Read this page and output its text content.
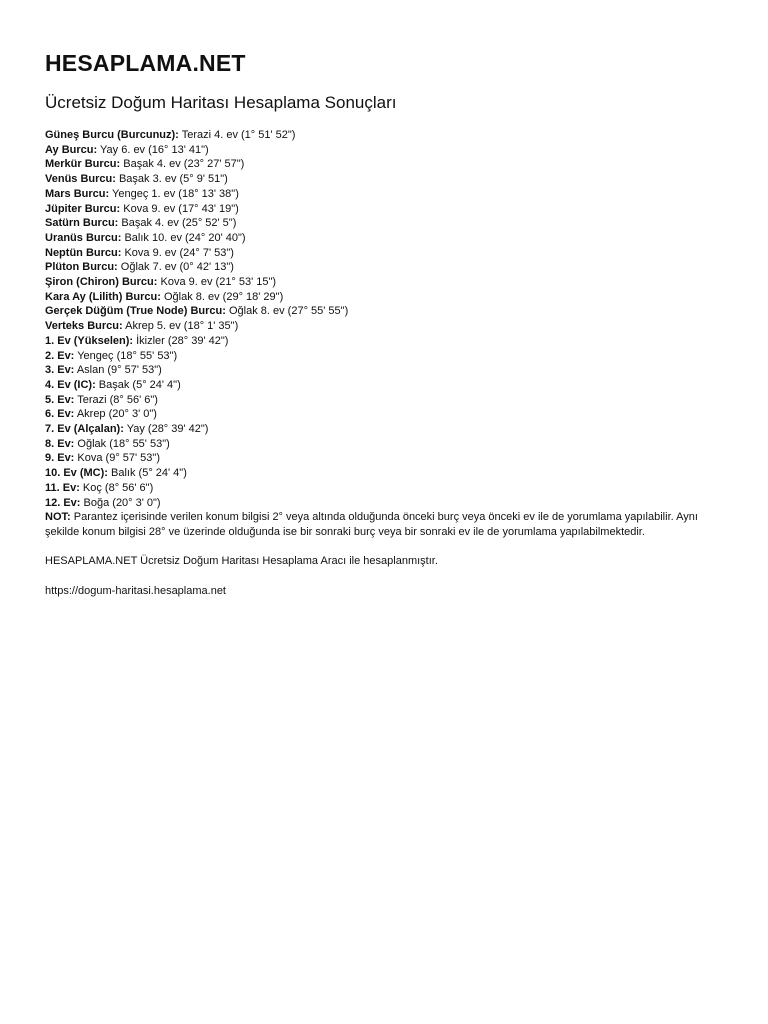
HESAPLAMA.NET
Ücretsiz Doğum Haritası Hesaplama Sonuçları
Güneş Burcu (Burcunuz): Terazi 4. ev (1° 51' 52")
Ay Burcu: Yay 6. ev (16° 13' 41")
Merkür Burcu: Başak 4. ev (23° 27' 57")
Venüs Burcu: Başak 3. ev (5° 9' 51")
Mars Burcu: Yengeç 1. ev (18° 13' 38")
Jüpiter Burcu: Kova 9. ev (17° 43' 19")
Satürn Burcu: Başak 4. ev (25° 52' 5")
Uranüs Burcu: Balık 10. ev (24° 20' 40")
Neptün Burcu: Kova 9. ev (24° 7' 53")
Plüton Burcu: Oğlak 7. ev (0° 42' 13")
Şiron (Chiron) Burcu: Kova 9. ev (21° 53' 15")
Kara Ay (Lilith) Burcu: Oğlak 8. ev (29° 18' 29")
Gerçek Düğüm (True Node) Burcu: Oğlak 8. ev (27° 55' 55")
Verteks Burcu: Akrep 5. ev (18° 1' 35")
1. Ev (Yükselen): İkizler (28° 39' 42")
2. Ev: Yengeç (18° 55' 53")
3. Ev: Aslan (9° 57' 53")
4. Ev (IC): Başak (5° 24' 4")
5. Ev: Terazi (8° 56' 6")
6. Ev: Akrep (20° 3' 0")
7. Ev (Alçalan): Yay (28° 39' 42")
8. Ev: Oğlak (18° 55' 53")
9. Ev: Kova (9° 57' 53")
10. Ev (MC): Balık (5° 24' 4")
11. Ev: Koç (8° 56' 6")
12. Ev: Boğa (20° 3' 0")
NOT: Parantez içerisinde verilen konum bilgisi 2° veya altında olduğunda önceki burç veya önceki ev ile de yorumlama yapılabilir. Aynı şekilde konum bilgisi 28° ve üzerinde olduğunda ise bir sonraki burç veya bir sonraki ev ile de yorumlama yapılabilmektedir.
HESAPLAMA.NET Ücretsiz Doğum Haritası Hesaplama Aracı ile hesaplanmıştır.
https://dogum-haritasi.hesaplama.net
